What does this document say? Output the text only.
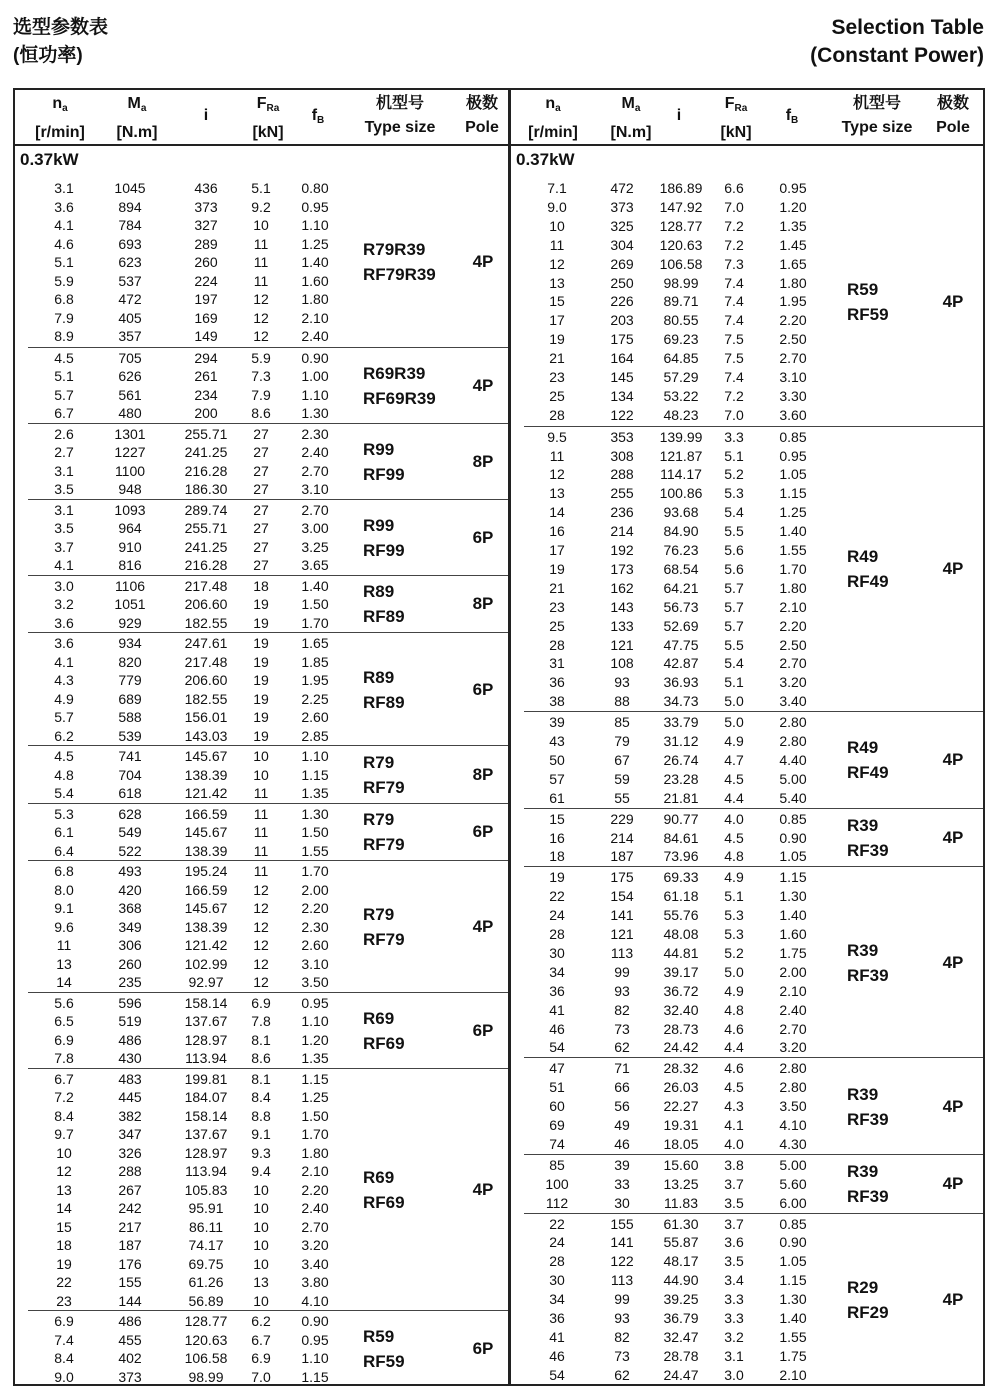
选型参数表
(恒功率)
Selection Table
(Constant Power)
$n_a$
[r/min]
$M_a$
[N.m]
i
$F_{Ra}$
[kN]
$f_B$
机型号
Type size
极数
Pole
0.37kW
3.1	1045	436	5.1	0.80
3.6	894	373	9.2	0.95
4.1	784	327	10	1.10
4.6	693	289	11	1.25
5.1	623	260	11	1.40
5.9	537	224	11	1.60
6.8	472	197	12	1.80
7.9	405	169	12	2.10
8.9	357	149	12	2.40
R79R39
RF79R39
4P
4.5	705	294	5.9	0.90
5.1	626	261	7.3	1.00
5.7	561	234	7.9	1.10
6.7	480	200	8.6	1.30
R69R39
RF69R39
4P
2.6	1301	255.71	27	2.30
2.7	1227	241.25	27	2.40
3.1	1100	216.28	27	2.70
3.5	948	186.30	27	3.10
R99
RF99
8P
3.1	1093	289.74	27	2.70
3.5	964	255.71	27	3.00
3.7	910	241.25	27	3.25
4.1	816	216.28	27	3.65
R99
RF99
6P
3.0	1106	217.48	18	1.40
3.2	1051	206.60	19	1.50
3.6	929	182.55	19	1.70
R89
RF89
8P
3.6	934	247.61	19	1.65
4.1	820	217.48	19	1.85
4.3	779	206.60	19	1.95
4.9	689	182.55	19	2.25
5.7	588	156.01	19	2.60
6.2	539	143.03	19	2.85
R89
RF89
6P
4.5	741	145.67	10	1.10
4.8	704	138.39	10	1.15
5.4	618	121.42	11	1.35
R79
RF79
8P
5.3	628	166.59	11	1.30
6.1	549	145.67	11	1.50
6.4	522	138.39	11	1.55
R79
RF79
6P
6.8	493	195.24	11	1.70
8.0	420	166.59	12	2.00
9.1	368	145.67	12	2.20
9.6	349	138.39	12	2.30
11	306	121.42	12	2.60
13	260	102.99	12	3.10
14	235	92.97	12	3.50
R79
RF79
4P
5.6	596	158.14	6.9	0.95
6.5	519	137.67	7.8	1.10
6.9	486	128.97	8.1	1.20
7.8	430	113.94	8.6	1.35
R69
RF69
6P
6.7	483	199.81	8.1	1.15
7.2	445	184.07	8.4	1.25
8.4	382	158.14	8.8	1.50
9.7	347	137.67	9.1	1.70
10	326	128.97	9.3	1.80
12	288	113.94	9.4	2.10
13	267	105.83	10	2.20
14	242	95.91	10	2.40
15	217	86.11	10	2.70
18	187	74.17	10	3.20
19	176	69.75	10	3.40
22	155	61.26	13	3.80
23	144	56.89	10	4.10
R69
RF69
4P
6.9	486	128.77	6.2	0.90
7.4	455	120.63	6.7	0.95
8.4	402	106.58	6.9	1.10
9.0	373	98.99	7.0	1.15
R59
RF59
6P
$n_a$
[r/min]
$M_a$
[N.m]
i
$F_{Ra}$
[kN]
$f_B$
机型号
Type size
极数
Pole
0.37kW
7.1	472	186.89	6.6	0.95
9.0	373	147.92	7.0	1.20
10	325	128.77	7.2	1.35
11	304	120.63	7.2	1.45
12	269	106.58	7.3	1.65
13	250	98.99	7.4	1.80
15	226	89.71	7.4	1.95
17	203	80.55	7.4	2.20
19	175	69.23	7.5	2.50
21	164	64.85	7.5	2.70
23	145	57.29	7.4	3.10
25	134	53.22	7.2	3.30
28	122	48.23	7.0	3.60
R59
RF59
4P
9.5	353	139.99	3.3	0.85
11	308	121.87	5.1	0.95
12	288	114.17	5.2	1.05
13	255	100.86	5.3	1.15
14	236	93.68	5.4	1.25
16	214	84.90	5.5	1.40
17	192	76.23	5.6	1.55
19	173	68.54	5.6	1.70
21	162	64.21	5.7	1.80
23	143	56.73	5.7	2.10
25	133	52.69	5.7	2.20
28	121	47.75	5.5	2.50
31	108	42.87	5.4	2.70
36	93	36.93	5.1	3.20
38	88	34.73	5.0	3.40
R49
RF49
4P
39	85	33.79	5.0	2.80
43	79	31.12	4.9	2.80
50	67	26.74	4.7	4.40
57	59	23.28	4.5	5.00
61	55	21.81	4.4	5.40
R49
RF49
4P
15	229	90.77	4.0	0.85
16	214	84.61	4.5	0.90
18	187	73.96	4.8	1.05
R39
RF39
4P
19	175	69.33	4.9	1.15
22	154	61.18	5.1	1.30
24	141	55.76	5.3	1.40
28	121	48.08	5.3	1.60
30	113	44.81	5.2	1.75
34	99	39.17	5.0	2.00
36	93	36.72	4.9	2.10
41	82	32.40	4.8	2.40
46	73	28.73	4.6	2.70
54	62	24.42	4.4	3.20
R39
RF39
4P
47	71	28.32	4.6	2.80
51	66	26.03	4.5	2.80
60	56	22.27	4.3	3.50
69	49	19.31	4.1	4.10
74	46	18.05	4.0	4.30
R39
RF39
4P
85	39	15.60	3.8	5.00
100	33	13.25	3.7	5.60
112	30	11.83	3.5	6.00
R39
RF39
4P
22	155	61.30	3.7	0.85
24	141	55.87	3.6	0.90
28	122	48.17	3.5	1.05
30	113	44.90	3.4	1.15
34	99	39.25	3.3	1.30
36	93	36.79	3.3	1.40
41	82	32.47	3.2	1.55
46	73	28.78	3.1	1.75
54	62	24.47	3.0	2.10
R29
RF29
4P
